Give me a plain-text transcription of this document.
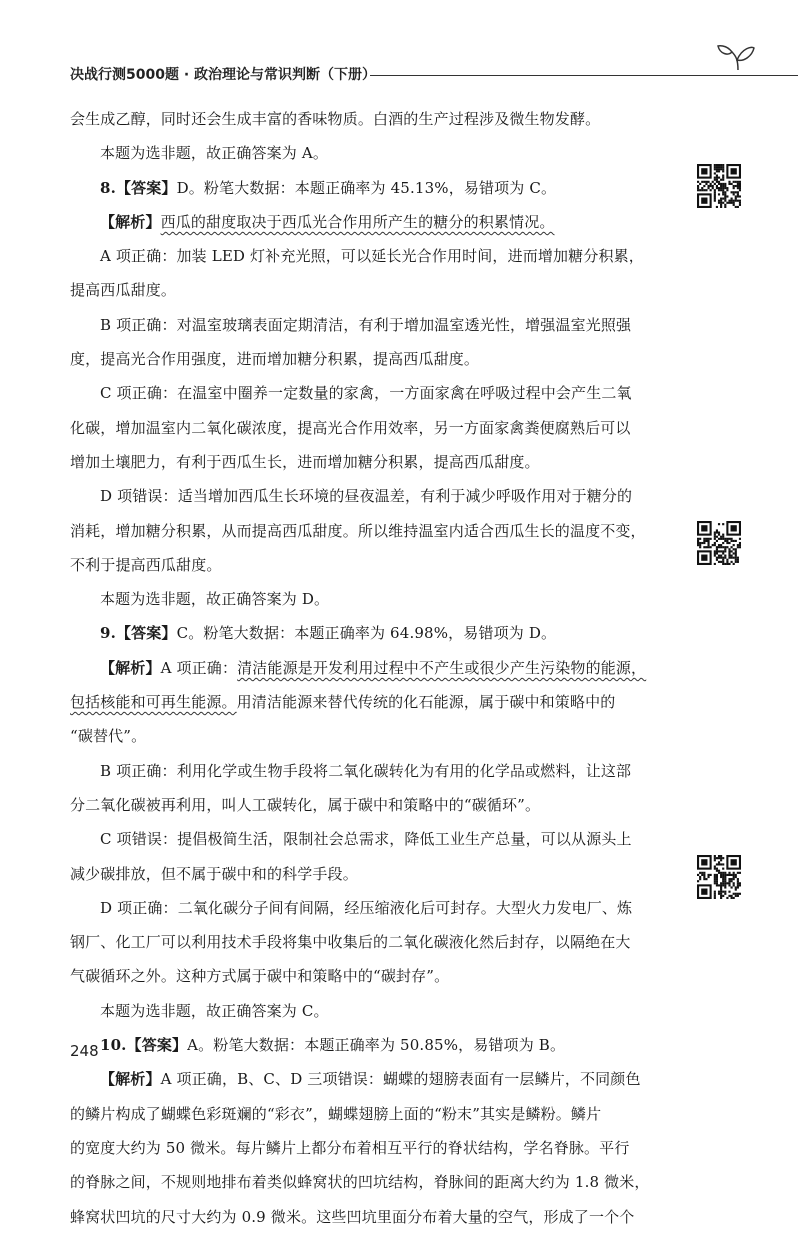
决战行测5000题 · 政治理论与常识判断（下册）
会生成乙醇，同时还会生成丰富的香味物质。白酒的生产过程涉及微生物发酵。
本题为选非题，故正确答案为 A。
8.【答案】D。粉笔大数据：本题正确率为 45.13%，易错项为 C。
【解析】西瓜的甜度取决于西瓜光合作用所产生的糖分的积累情况。
A 项正确：加装 LED 灯补充光照，可以延长光合作用时间，进而增加糖分积累，
提高西瓜甜度。
B 项正确：对温室玻璃表面定期清洁，有利于增加温室透光性，增强温室光照强
度，提高光合作用强度，进而增加糖分积累，提高西瓜甜度。
C 项正确：在温室中圈养一定数量的家禽，一方面家禽在呼吸过程中会产生二氧
化碳，增加温室内二氧化碳浓度，提高光合作用效率，另一方面家禽粪便腐熟后可以
增加土壤肥力，有利于西瓜生长，进而增加糖分积累，提高西瓜甜度。
D 项错误：适当增加西瓜生长环境的昼夜温差，有利于减少呼吸作用对于糖分的
消耗，增加糖分积累，从而提高西瓜甜度。所以维持温室内适合西瓜生长的温度不变，
不利于提高西瓜甜度。
本题为选非题，故正确答案为 D。
9.【答案】C。粉笔大数据：本题正确率为 64.98%，易错项为 D。
【解析】A 项正确：清洁能源是开发利用过程中不产生或很少产生污染物的能源，
包括核能和可再生能源。用清洁能源来替代传统的化石能源，属于碳中和策略中的
“碳替代”。
B 项正确：利用化学或生物手段将二氧化碳转化为有用的化学品或燃料，让这部
分二氧化碳被再利用，叫人工碳转化，属于碳中和策略中的“碳循环”。
C 项错误：提倡极简生活，限制社会总需求，降低工业生产总量，可以从源头上
减少碳排放，但不属于碳中和的科学手段。
D 项正确：二氧化碳分子间有间隔，经压缩液化后可封存。大型火力发电厂、炼
钢厂、化工厂可以利用技术手段将集中收集后的二氧化碳液化然后封存，以隔绝在大
气碳循环之外。这种方式属于碳中和策略中的“碳封存”。
本题为选非题，故正确答案为 C。
10.【答案】A。粉笔大数据：本题正确率为 50.85%，易错项为 B。
【解析】A 项正确，B、C、D 三项错误：蝴蝶的翅膀表面有一层鳞片，不同颜色
的鳞片构成了蝴蝶色彩斑斓的“彩衣”，蝴蝶翅膀上面的“粉末”其实是鳞粉。鳞片
的宽度大约为 50 微米。每片鳞片上都分布着相互平行的脊状结构，学名脊脉。平行
的脊脉之间，不规则地排布着类似蜂窝状的凹坑结构，脊脉间的距离大约为 1.8 微米，
蜂窝状凹坑的尺寸大约为 0.9 微米。这些凹坑里面分布着大量的空气，形成了一个个
248
